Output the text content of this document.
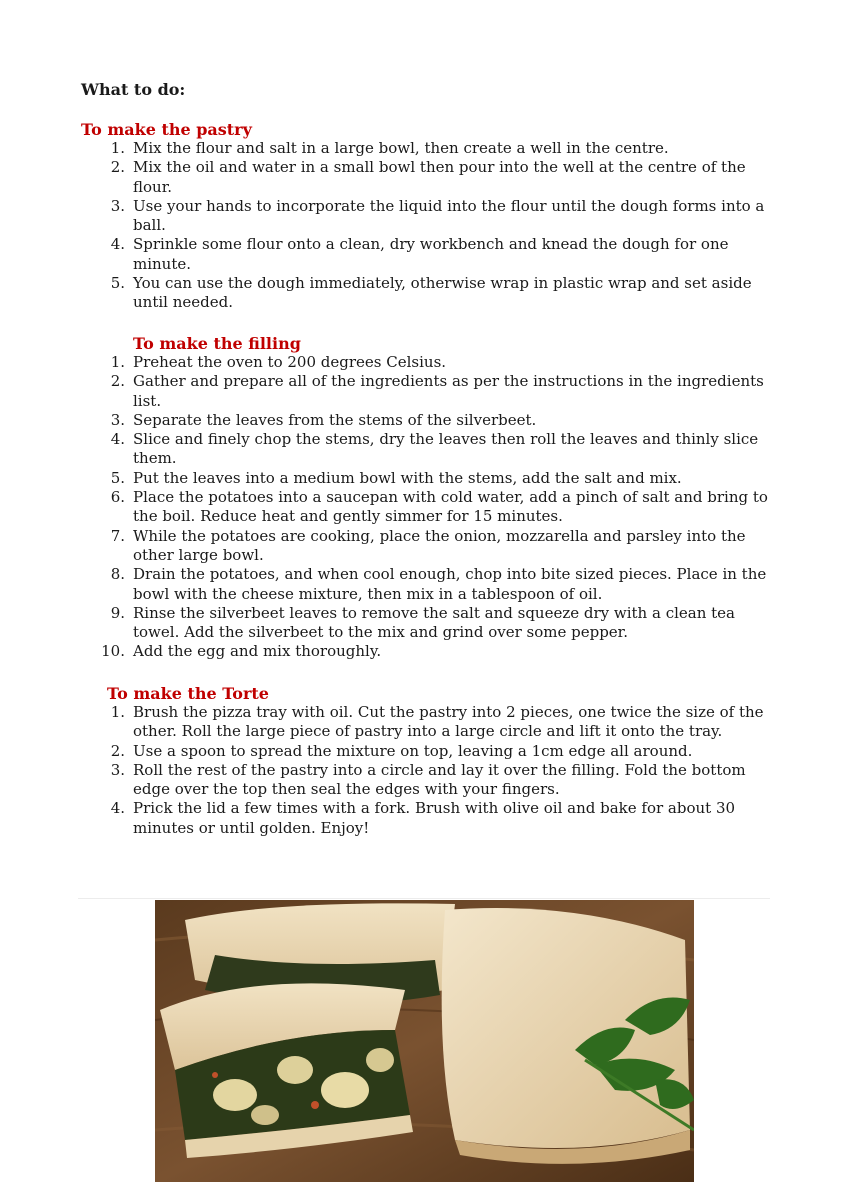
What to do:
To make the pastry
1. Mix the flour and salt in a large bowl, then create a well in the centre.
2. Mix the oil and water in a small bowl then pour into the well at the centre of the flour.
3. Use your hands to incorporate the liquid into the flour until the dough forms into a ball.
4. Sprinkle some flour onto a clean, dry workbench and knead the dough for one minute.
5. You can use the dough immediately, otherwise wrap in plastic wrap and set aside until needed.
To make the filling
1. Preheat the oven to 200 degrees Celsius.
2. Gather and prepare all of the ingredients as per the instructions in the ingredients list.
3. Separate the leaves from the stems of the silverbeet.
4. Slice and finely chop the stems, dry the leaves then roll the leaves and thinly slice them.
5. Put the leaves into a medium bowl with the stems, add the salt and mix.
6. Place the potatoes into a saucepan with cold water, add a pinch of salt and bring to the boil. Reduce heat and gently simmer for 15 minutes.
7. While the potatoes are cooking, place the onion, mozzarella and parsley into the other large bowl.
8. Drain the potatoes, and when cool enough, chop into bite sized pieces. Place in the bowl with the cheese mixture, then mix in a tablespoon of oil.
9. Rinse the silverbeet leaves to remove the salt and squeeze dry with a clean tea towel. Add the silverbeet to the mix and grind over some pepper.
10. Add the egg and mix thoroughly.
To make the Torte
1. Brush the pizza tray with oil. Cut the pastry into 2 pieces, one twice the size of the other. Roll the large piece of pastry into a large circle and lift it onto the tray.
2. Use a spoon to spread the mixture on top, leaving a 1cm edge all around.
3. Roll the rest of the pastry into a circle and lay it over the filling. Fold the bottom edge over the top then seal the edges with your fingers.
4. Prick the lid a few times with a fork. Brush with olive oil and bake for about 30 minutes or until golden. Enjoy!
